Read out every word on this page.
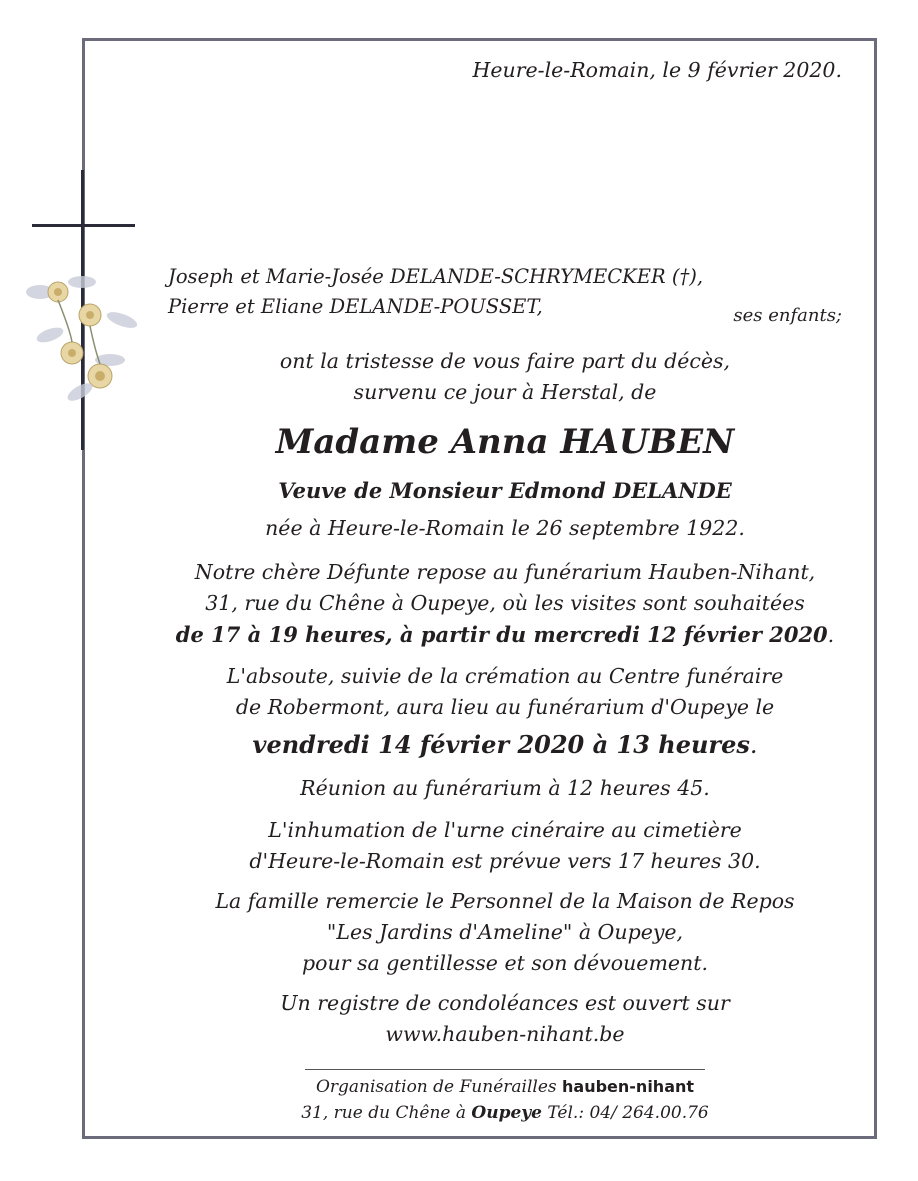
Heure-le-Romain, le 9 février 2020.

Joseph et Marie-Josée DELANDE-SCHRYMECKER (†),
Pierre et Eliane DELANDE-POUSSET,	ses enfants;

ont la tristesse de vous faire part du décès,
survenu ce jour à Herstal, de
Madame Anna HAUBEN
Veuve de Monsieur Edmond DELANDE
née à Heure-le-Romain le 26 septembre 1922.
Notre chère Défunte repose au funérarium Hauben-Nihant,
31, rue du Chêne à Oupeye, où les visites sont souhaitées
de 17 à 19 heures, à partir du mercredi 12 février 2020.
L'absoute, suivie de la crémation au Centre funéraire
de Robermont, aura lieu au funérarium d'Oupeye le
vendredi 14 février 2020 à 13 heures.
Réunion au funérarium à 12 heures 45.
L'inhumation de l'urne cinéraire au cimetière
d'Heure-le-Romain est prévue vers 17 heures 30.
La famille remercie le Personnel de la Maison de Repos
"Les Jardins d'Ameline" à Oupeye,
pour sa gentillesse et son dévouement.
Un registre de condoléances est ouvert sur
www.hauben-nihant.be
Organisation de Funérailles hauben-nihant
31, rue du Chêne à Oupeye Tél.: 04/ 264.00.76
